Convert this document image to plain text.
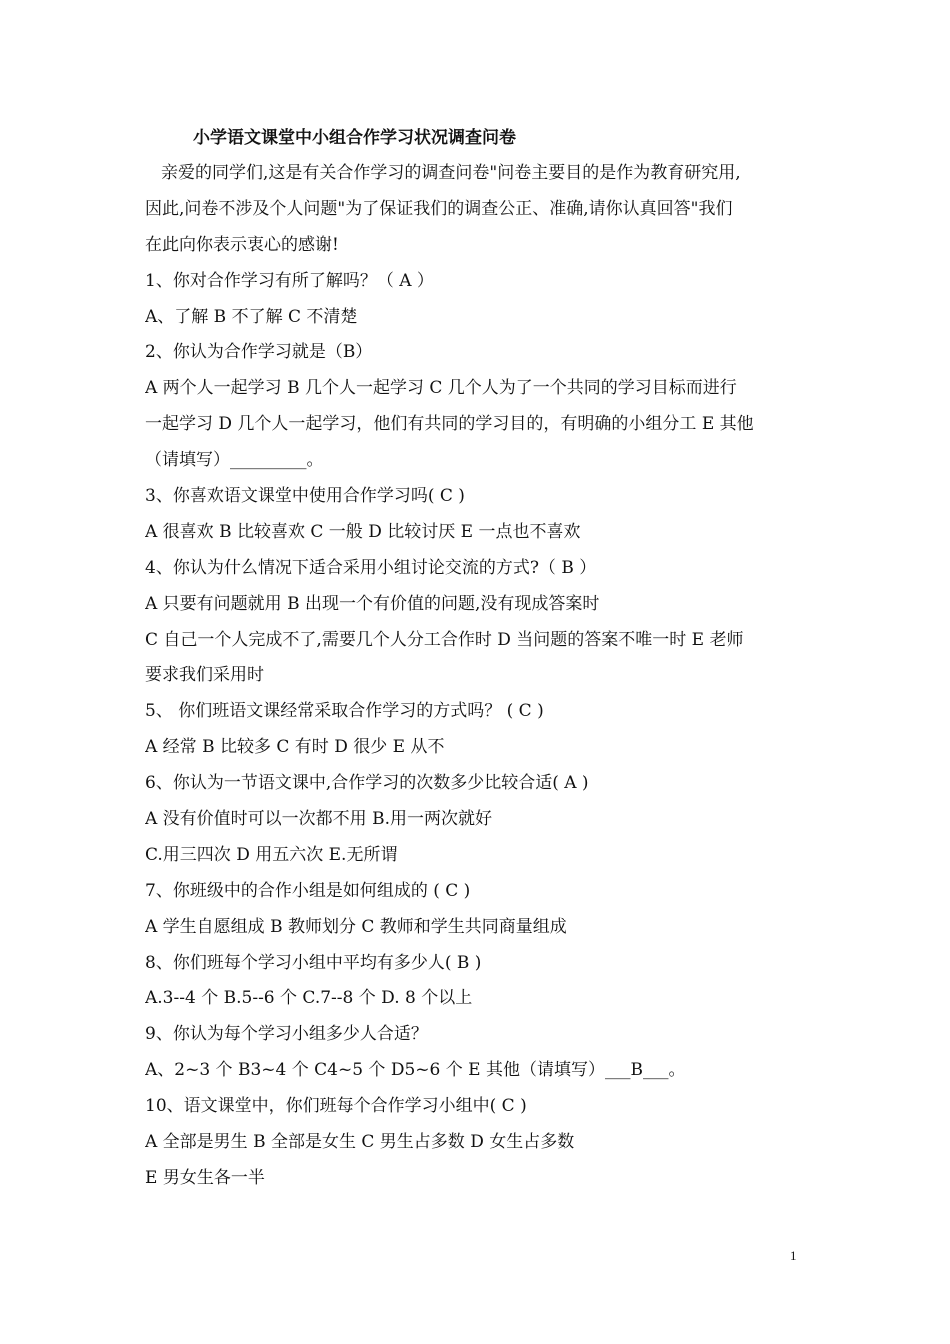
小学语文课堂中小组合作学习状况调查问卷
亲爱的同学们,这是有关合作学习的调查问卷"问卷主要目的是作为教育研究用,
因此,问卷不涉及个人问题"为了保证我们的调查公正、准确,请你认真回答"我们
在此向你表示衷心的感谢!
1、你对合作学习有所了解吗？（ A ）
A、了解 B 不了解 C 不清楚
2、你认为合作学习就是（B）
A 两个人一起学习 B 几个人一起学习 C 几个人为了一个共同的学习目标而进行
一起学习 D 几个人一起学习，他们有共同的学习目的，有明确的小组分工 E 其他
（请填写）_________。
3、你喜欢语文课堂中使用合作学习吗( C )
A 很喜欢 B 比较喜欢 C 一般 D 比较讨厌 E 一点也不喜欢
4、你认为什么情况下适合采用小组讨论交流的方式?（ B ）
A 只要有问题就用 B 出现一个有价值的问题,没有现成答案时
C 自己一个人完成不了,需要几个人分工合作时 D 当问题的答案不唯一时 E 老师
要求我们采用时
5、 你们班语文课经常采取合作学习的方式吗？ ( C )
A 经常 B 比较多 C 有时 D 很少 E 从不
6、你认为一节语文课中,合作学习的次数多少比较合适( A )
A 没有价值时可以一次都不用 B.用一两次就好
C.用三四次 D 用五六次 E.无所谓
7、你班级中的合作小组是如何组成的 ( C )
A 学生自愿组成 B 教师划分 C 教师和学生共同商量组成
8、你们班每个学习小组中平均有多少人( B )
A.3--4 个 B.5--6 个 C.7--8 个 D. 8 个以上
9、你认为每个学习小组多少人合适？
A、2~3 个 B3~4 个 C4~5 个 D5~6 个 E 其他（请填写）___B___。
10、语文课堂中，你们班每个合作学习小组中( C )
A 全部是男生 B 全部是女生 C 男生占多数 D 女生占多数
E 男女生各一半
1
